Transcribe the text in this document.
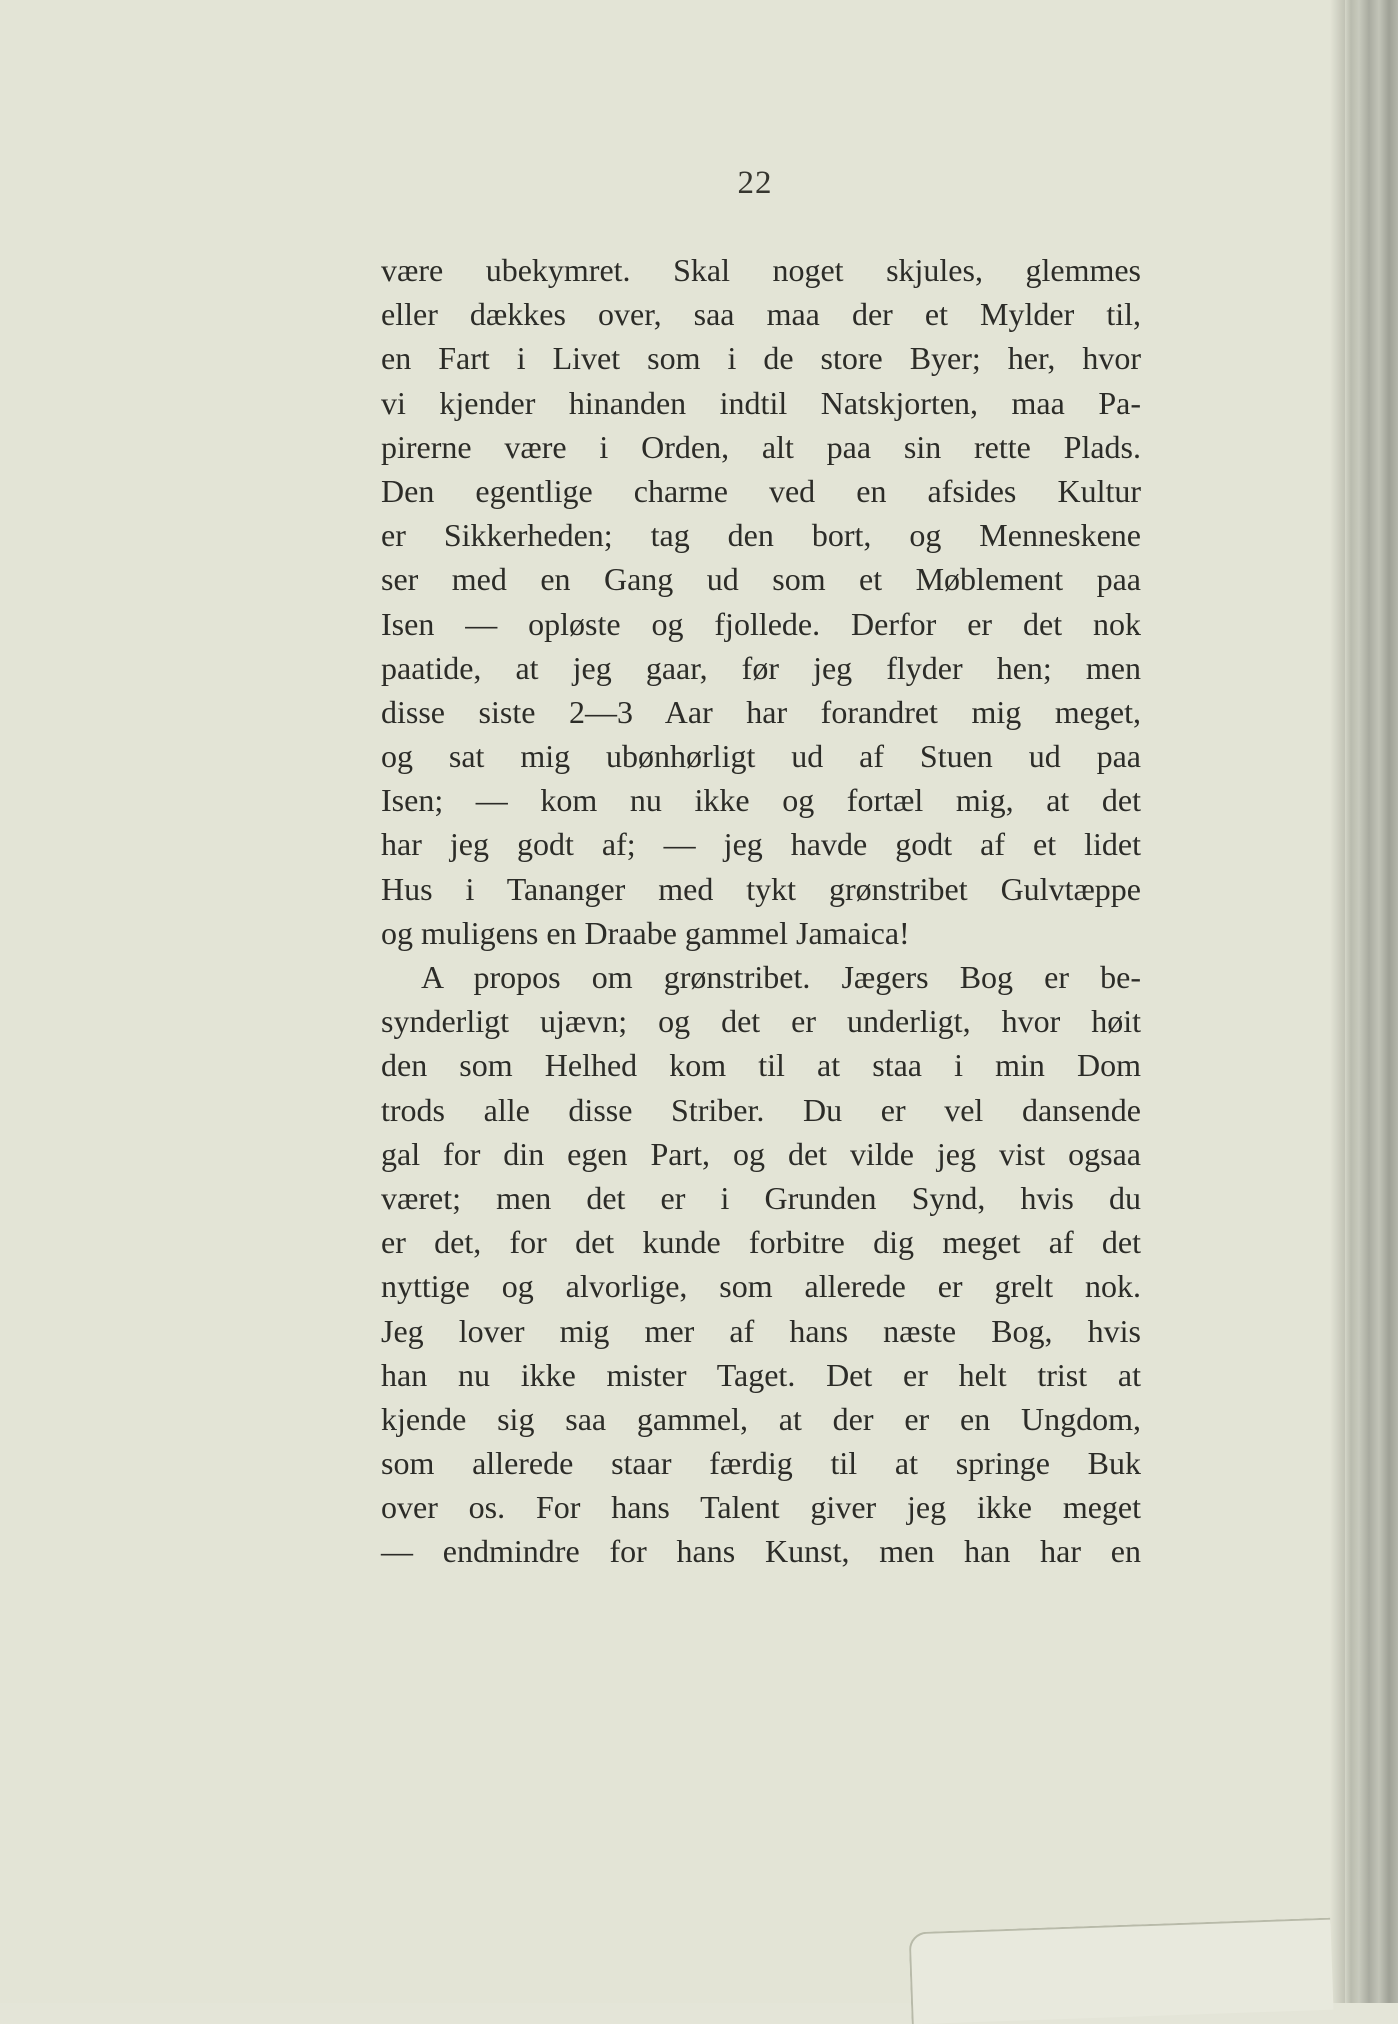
22
være ubekymret. Skal noget skjules, glemmes
eller dækkes over, saa maa der et Mylder til,
en Fart i Livet som i de store Byer; her, hvor
vi kjender hinanden indtil Natskjorten, maa Pa-
pirerne være i Orden, alt paa sin rette Plads.
Den egentlige charme ved en afsides Kultur
er Sikkerheden; tag den bort, og Menneskene
ser med en Gang ud som et Møblement paa
Isen — opløste og fjollede. Derfor er det nok
paatide, at jeg gaar, før jeg flyder hen; men
disse siste 2—3 Aar har forandret mig meget,
og sat mig ubønhørligt ud af Stuen ud paa
Isen; — kom nu ikke og fortæl mig, at det
har jeg godt af; — jeg havde godt af et lidet
Hus i Tananger med tykt grønstribet Gulvtæppe
og muligens en Draabe gammel Jamaica!
A propos om grønstribet. Jægers Bog er be-
synderligt ujævn; og det er underligt, hvor høit
den som Helhed kom til at staa i min Dom
trods alle disse Striber. Du er vel dansende
gal for din egen Part, og det vilde jeg vist ogsaa
været; men det er i Grunden Synd, hvis du
er det, for det kunde forbitre dig meget af det
nyttige og alvorlige, som allerede er grelt nok.
Jeg lover mig mer af hans næste Bog, hvis
han nu ikke mister Taget. Det er helt trist at
kjende sig saa gammel, at der er en Ungdom,
som allerede staar færdig til at springe Buk
over os. For hans Talent giver jeg ikke meget
— endmindre for hans Kunst, men han har en
